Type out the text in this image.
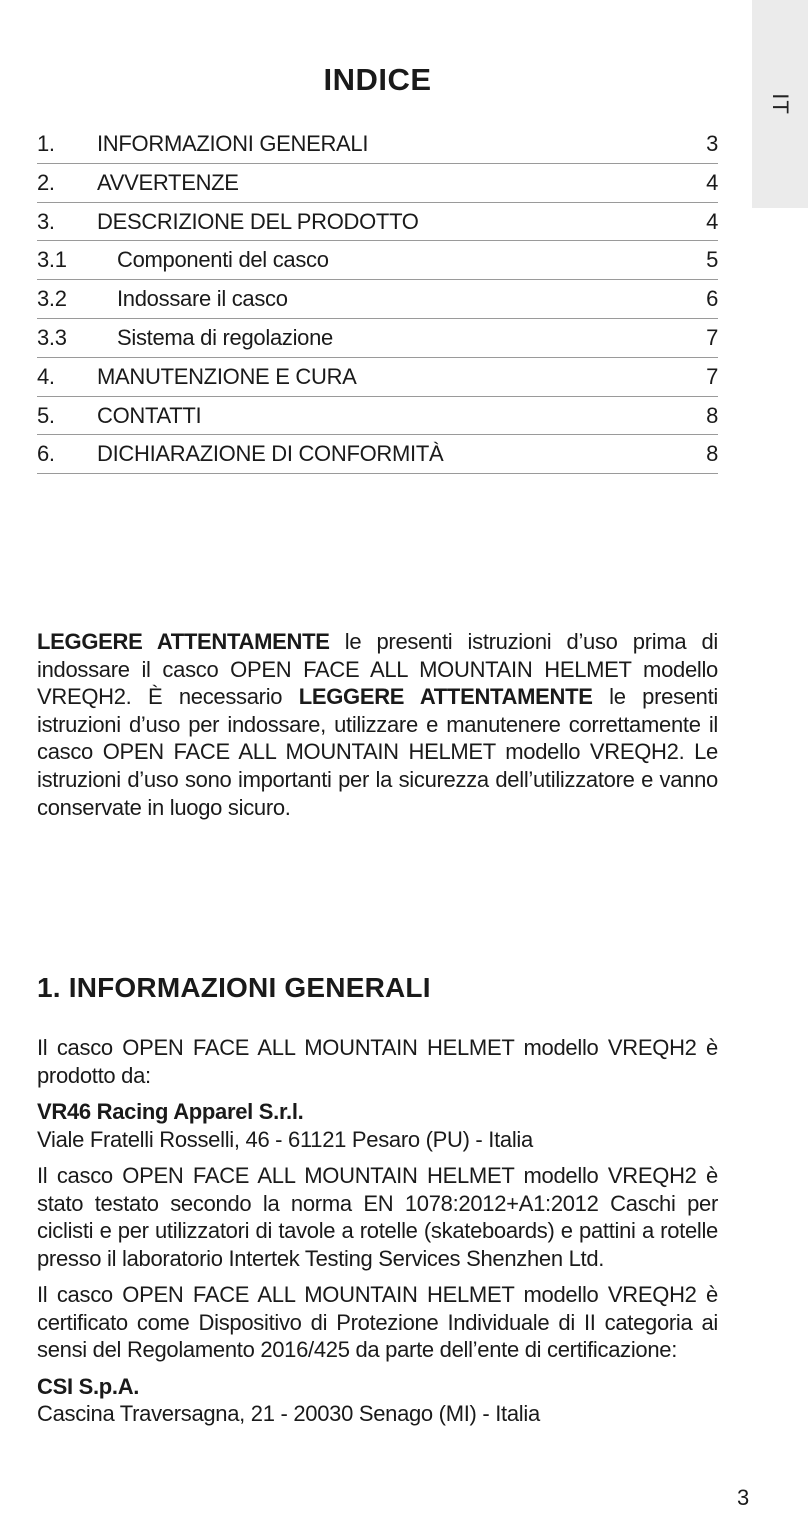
IT
INDICE
1. INFORMAZIONI GENERALI	3
2. AVVERTENZE	4
3. DESCRIZIONE DEL PRODOTTO	4
3.1 Componenti del casco	5
3.2 Indossare il casco	6
3.3 Sistema di regolazione	7
4. MANUTENZIONE E CURA	7
5. CONTATTI	8
6. DICHIARAZIONE DI CONFORMITÀ	8

LEGGERE ATTENTAMENTE le presenti istruzioni d’uso prima di indossare il casco OPEN FACE ALL MOUNTAIN HELMET modello VREQH2. È necessario LEGGERE ATTENTAMENTE le presenti istruzioni d’uso per indossare, utilizzare e manutenere correttamente il casco OPEN FACE ALL MOUNTAIN HELMET modello VREQH2. Le istruzioni d’uso sono importanti per la sicurezza dell’utilizzatore e vanno conservate in luogo sicuro.

1. INFORMAZIONI GENERALI

Il casco OPEN FACE ALL MOUNTAIN HELMET modello VREQH2 è prodotto da:

VR46 Racing Apparel S.r.l.
Viale Fratelli Rosselli, 46 - 61121 Pesaro (PU) - Italia

Il casco OPEN FACE ALL MOUNTAIN HELMET modello VREQH2 è stato testato secondo la norma EN 1078:2012+A1:2012 Caschi per ciclisti e per utilizzatori di tavole a rotelle (skateboards) e pattini a rotelle presso il laboratorio Intertek Testing Services Shenzhen Ltd.

Il casco OPEN FACE ALL MOUNTAIN HELMET modello VREQH2 è certificato come Dispositivo di Protezione Individuale di II categoria ai sensi del Regolamento 2016/425 da parte dell’ente di certificazione:

CSI S.p.A.
Cascina Traversagna, 21 - 20030 Senago (MI) - Italia

3
